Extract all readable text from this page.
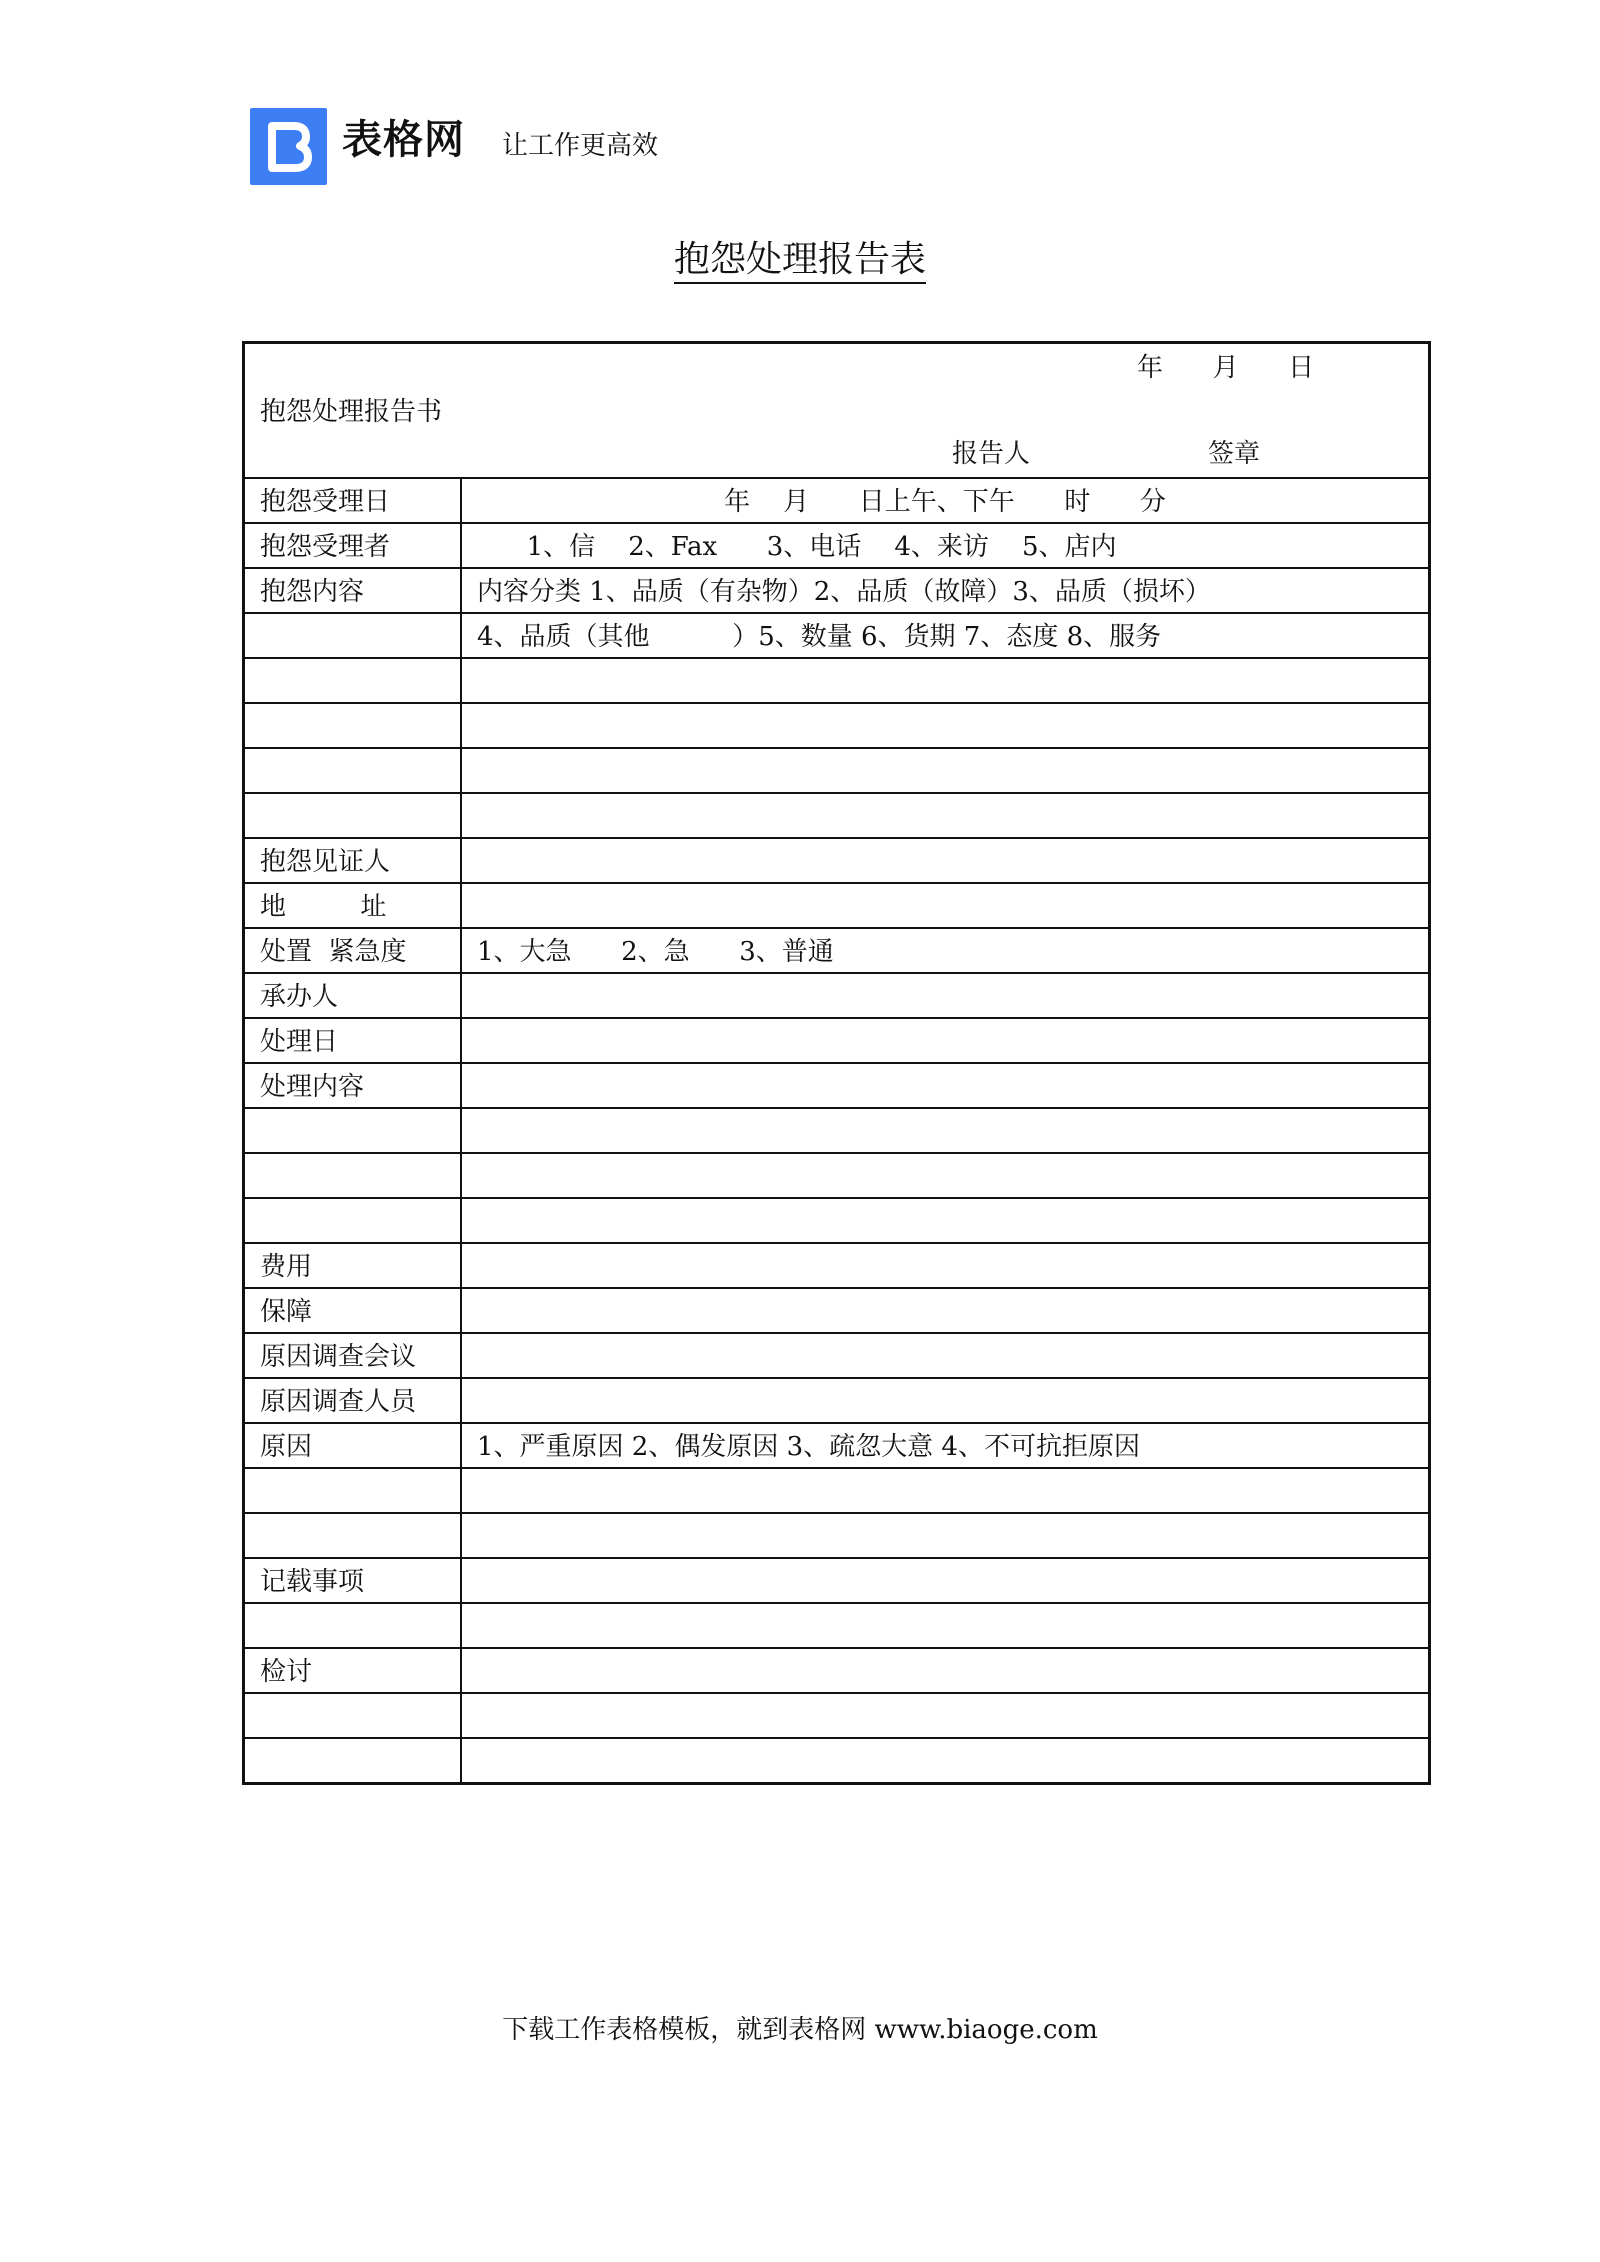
表格网 让工作更高效
抱怨处理报告表
年      月      日
抱怨处理报告书
报告人	签章
抱怨受理日	年    月      日上午、下午      时      分
抱怨受理者	1、信    2、Fax      3、电话    4、来访    5、店内
抱怨内容	内容分类 1、品质（有杂物）2、品质（故障）3、品质（损坏）
4、品质（其他          ）5、数量 6、货期 7、态度 8、服务
抱怨见证人
地         址
处置  紧急度	1、大急      2、急      3、普通
承办人
处理日
处理内容
费用
保障
原因调查会议
原因调查人员
原因	1、严重原因 2、偶发原因 3、疏忽大意 4、不可抗拒原因
记载事项
检讨
下载工作表格模板，就到表格网 www.biaoge.com
